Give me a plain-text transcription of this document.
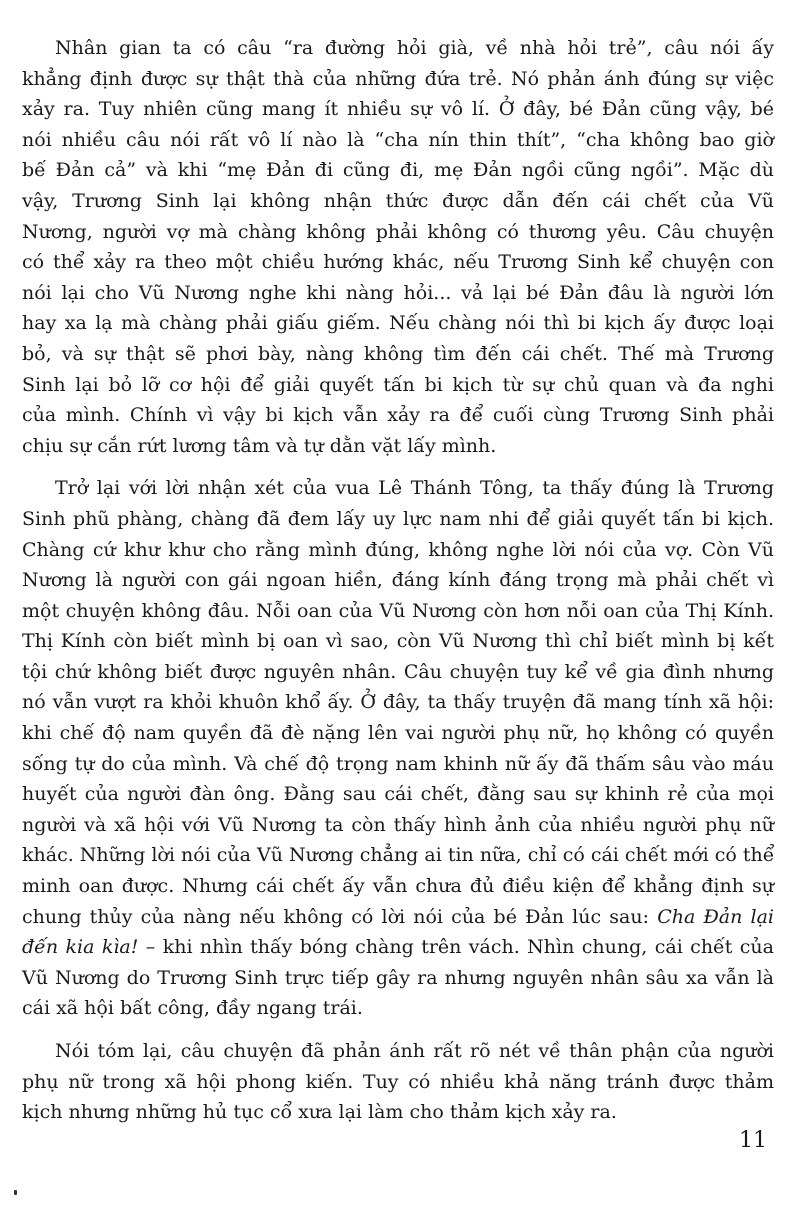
Nhân gian ta có câu “ra đường hỏi già, về nhà hỏi trẻ”, câu nói ấy
khẳng định được sự thật thà của những đứa trẻ. Nó phản ánh đúng sự việc
xảy ra. Tuy nhiên cũng mang ít nhiều sự vô lí. Ở đây, bé Đản cũng vậy, bé
nói nhiều câu nói rất vô lí nào là “cha nín thin thít”, “cha không bao giờ
bế Đản cả” và khi “mẹ Đản đi cũng đi, mẹ Đản ngồi cũng ngồi”. Mặc dù
vậy, Trương Sinh lại không nhận thức được dẫn đến cái chết của Vũ
Nương, người vợ mà chàng không phải không có thương yêu. Câu chuyện
có thể xảy ra theo một chiều hướng khác, nếu Trương Sinh kể chuyện con
nói lại cho Vũ Nương nghe khi nàng hỏi... vả lại bé Đản đâu là người lớn
hay xa lạ mà chàng phải giấu giếm. Nếu chàng nói thì bi kịch ấy được loại
bỏ, và sự thật sẽ phơi bày, nàng không tìm đến cái chết. Thế mà Trương
Sinh lại bỏ lỡ cơ hội để giải quyết tấn bi kịch từ sự chủ quan và đa nghi
của mình. Chính vì vậy bi kịch vẫn xảy ra để cuối cùng Trương Sinh phải
chịu sự cắn rứt lương tâm và tự dằn vặt lấy mình.

Trở lại với lời nhận xét của vua Lê Thánh Tông, ta thấy đúng là Trương
Sinh phũ phàng, chàng đã đem lấy uy lực nam nhi để giải quyết tấn bi kịch.
Chàng cứ khư khư cho rằng mình đúng, không nghe lời nói của vợ. Còn Vũ
Nương là người con gái ngoan hiền, đáng kính đáng trọng mà phải chết vì
một chuyện không đâu. Nỗi oan của Vũ Nương còn hơn nỗi oan của Thị Kính.
Thị Kính còn biết mình bị oan vì sao, còn Vũ Nương thì chỉ biết mình bị kết
tội chứ không biết được nguyên nhân. Câu chuyện tuy kể về gia đình nhưng
nó vẫn vượt ra khỏi khuôn khổ ấy. Ở đây, ta thấy truyện đã mang tính xã hội:
khi chế độ nam quyền đã đè nặng lên vai người phụ nữ, họ không có quyền
sống tự do của mình. Và chế độ trọng nam khinh nữ ấy đã thấm sâu vào máu
huyết của người đàn ông. Đằng sau cái chết, đằng sau sự khinh rẻ của mọi
người và xã hội với Vũ Nương ta còn thấy hình ảnh của nhiều người phụ nữ
khác. Những lời nói của Vũ Nương chẳng ai tin nữa, chỉ có cái chết mới có thể
minh oan được. Nhưng cái chết ấy vẫn chưa đủ điều kiện để khẳng định sự
chung thủy của nàng nếu không có lời nói của bé Đản lúc sau: Cha Đản lại
đến kia kìa! – khi nhìn thấy bóng chàng trên vách. Nhìn chung, cái chết của
Vũ Nương do Trương Sinh trực tiếp gây ra nhưng nguyên nhân sâu xa vẫn là
cái xã hội bất công, đầy ngang trái.

Nói tóm lại, câu chuyện đã phản ánh rất rõ nét về thân phận của người
phụ nữ trong xã hội phong kiến. Tuy có nhiều khả năng tránh được thảm
kịch nhưng những hủ tục cổ xưa lại làm cho thảm kịch xảy ra.

11
